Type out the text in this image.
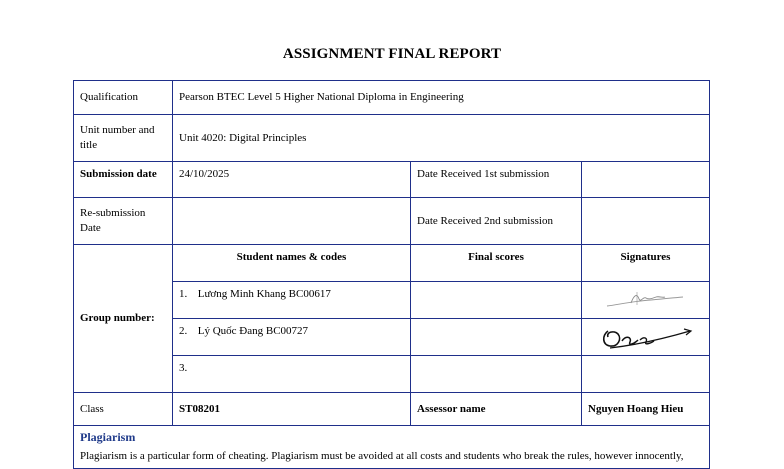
ASSIGNMENT FINAL REPORT
Qualification	Pearson BTEC Level 5 Higher National Diploma in Engineering		
Unit number and title	Unit 4020: Digital Principles		
Submission date	24/10/2025	Date Received 1st submission	
Re-submission Date		Date Received 2nd submission	
Group number:	Student names & codes	Final scores	Signatures
	1. Lương Minh Khang BC00617		

	2. Lý Quốc Đang BC00727		

	3.		
Class	ST08201	Assessor name	Nguyen Hoang Hieu

Plagiarism
Plagiarism is a particular form of cheating. Plagiarism must be avoided at all costs and students who break the rules, however innocently,			
